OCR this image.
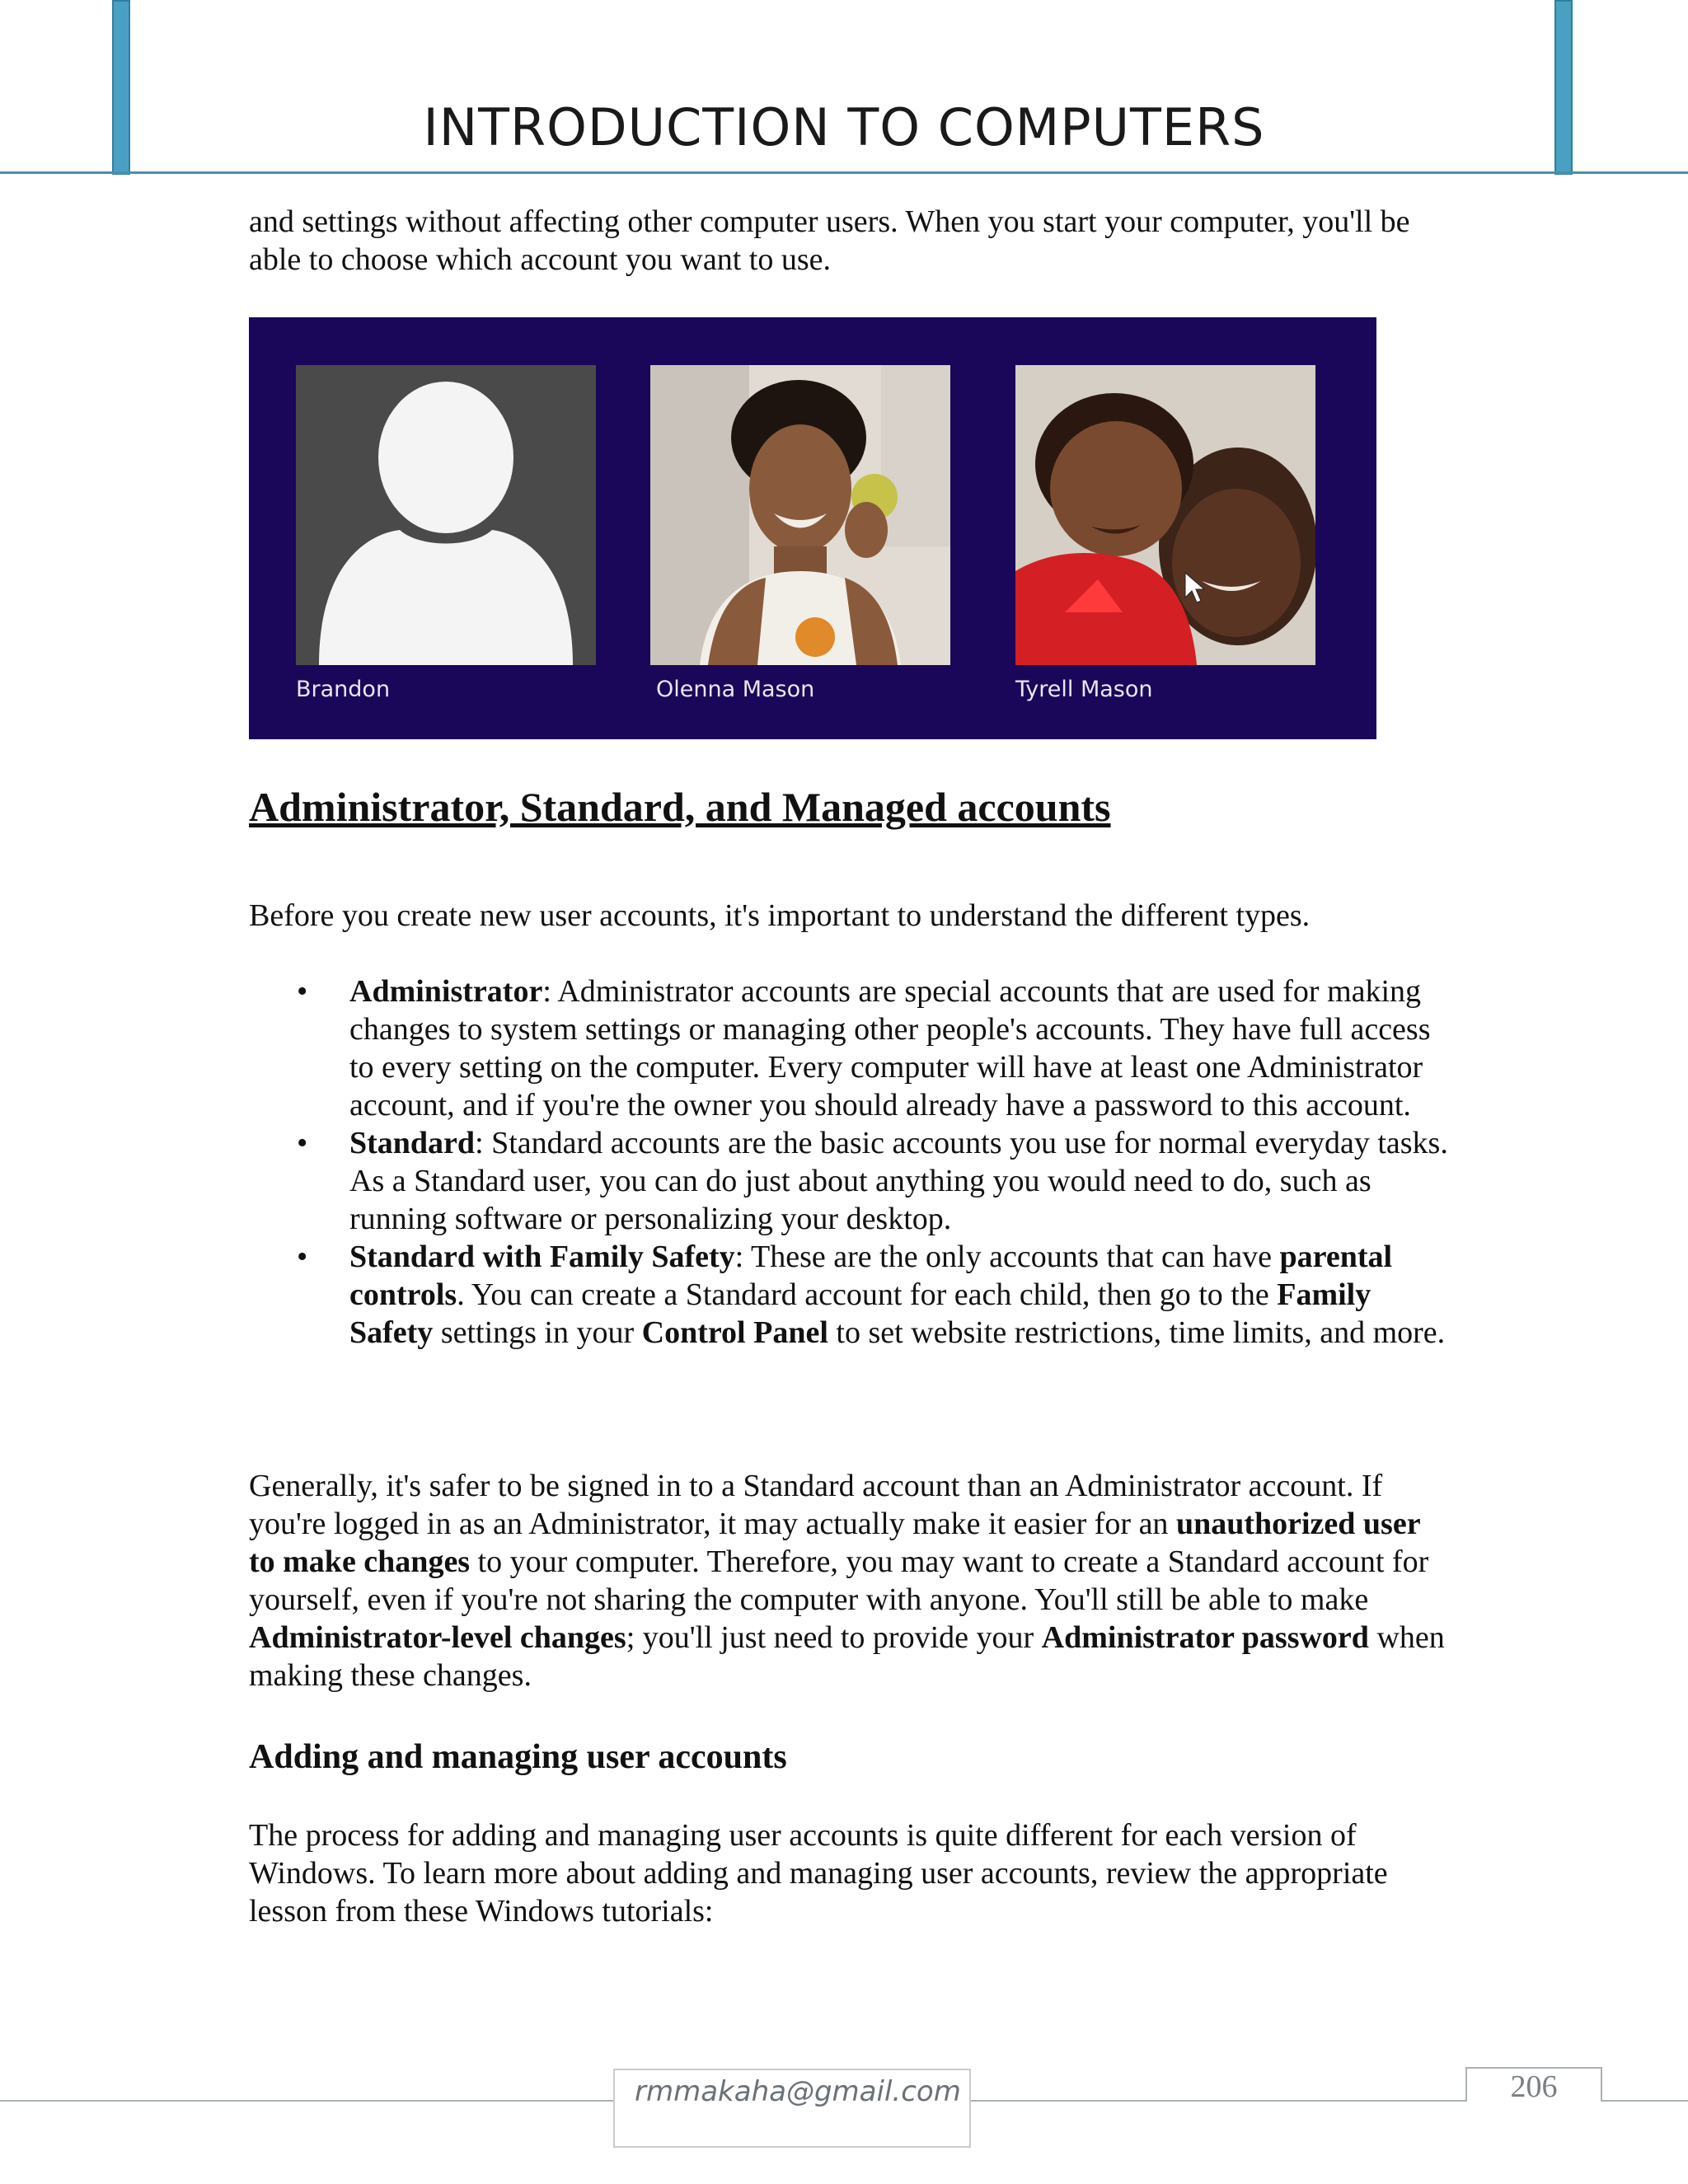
INTRODUCTION TO COMPUTERS
and settings without affecting other computer users. When you start your computer, you'll be able to choose which account you want to use.
Brandon	Olenna Mason	Tyrell Mason
Administrator, Standard, and Managed accounts
Before you create new user accounts, it's important to understand the different types.
• Administrator: Administrator accounts are special accounts that are used for making changes to system settings or managing other people's accounts. They have full access to every setting on the computer. Every computer will have at least one Administrator account, and if you're the owner you should already have a password to this account.
• Standard: Standard accounts are the basic accounts you use for normal everyday tasks. As a Standard user, you can do just about anything you would need to do, such as running software or personalizing your desktop.
• Standard with Family Safety: These are the only accounts that can have parental controls. You can create a Standard account for each child, then go to the Family Safety settings in your Control Panel to set website restrictions, time limits, and more.
Generally, it's safer to be signed in to a Standard account than an Administrator account. If you're logged in as an Administrator, it may actually make it easier for an unauthorized user to make changes to your computer. Therefore, you may want to create a Standard account for yourself, even if you're not sharing the computer with anyone. You'll still be able to make Administrator-level changes; you'll just need to provide your Administrator password when making these changes.
Adding and managing user accounts
The process for adding and managing user accounts is quite different for each version of Windows. To learn more about adding and managing user accounts, review the appropriate lesson from these Windows tutorials:
rmmakaha@gmail.com	206
